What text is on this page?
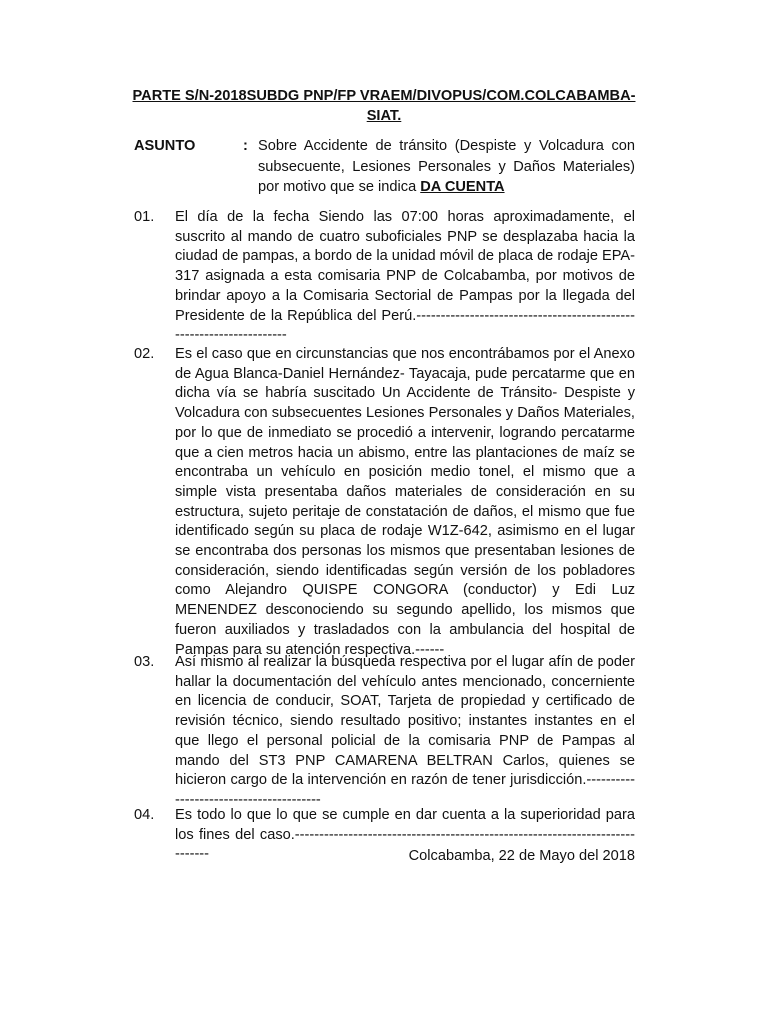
PARTE S/N-2018SUBDG PNP/FP VRAEM/DIVOPUS/COM.COLCABAMBA-SIAT.
ASUNTO	: Sobre Accidente de tránsito (Despiste y Volcadura con subsecuente, Lesiones Personales y Daños Materiales) por motivo que se indica DA CUENTA
01. El día de la fecha Siendo las 07:00 horas aproximadamente, el suscrito al mando de cuatro suboficiales PNP se desplazaba hacia la ciudad de pampas, a bordo de la unidad móvil de placa de rodaje EPA-317 asignada a esta comisaria PNP de Colcabamba, por motivos de brindar apoyo a la Comisaria Sectorial de Pampas por la llegada del Presidente de la República del Perú.--------------------------------------------------------------------
02. Es el caso que en circunstancias que nos encontrábamos por el Anexo de Agua Blanca-Daniel Hernández- Tayacaja, pude percatarme que en dicha vía se habría suscitado Un Accidente de Tránsito- Despiste y Volcadura con subsecuentes Lesiones Personales y Daños Materiales, por lo que de inmediato se procedió a intervenir, logrando percatarme que a cien metros hacia un abismo, entre las plantaciones de maíz se encontraba un vehículo en posición medio tonel, el mismo que a simple vista presentaba daños materiales de consideración en su estructura, sujeto peritaje de constatación de daños, el mismo que fue identificado según su placa de rodaje W1Z-642, asimismo en el lugar se encontraba dos personas los mismos que presentaban lesiones de consideración, siendo identificadas según versión de los pobladores como Alejandro QUISPE CONGORA (conductor) y Edi Luz MENENDEZ desconociendo su segundo apellido, los mismos que fueron auxiliados y trasladados con la ambulancia del hospital de Pampas para su atención respectiva.------
03. Así mismo al realizar la búsqueda respectiva por el lugar afín de poder hallar la documentación del vehículo antes mencionado, concerniente en licencia de conducir, SOAT, Tarjeta de propiedad y certificado de revisión técnico, siendo resultado positivo; instantes instantes en el que llego el personal policial de la comisaria PNP de Pampas al mando del ST3 PNP CAMARENA BELTRAN Carlos, quienes se hicieron cargo de la intervención en razón de tener jurisdicción.----------------------------------------
04. Es todo lo que lo que se cumple en dar cuenta a la superioridad para los fines del caso.-----------------------------------------------------------------------------	Colcabamba, 22 de Mayo del 2018
